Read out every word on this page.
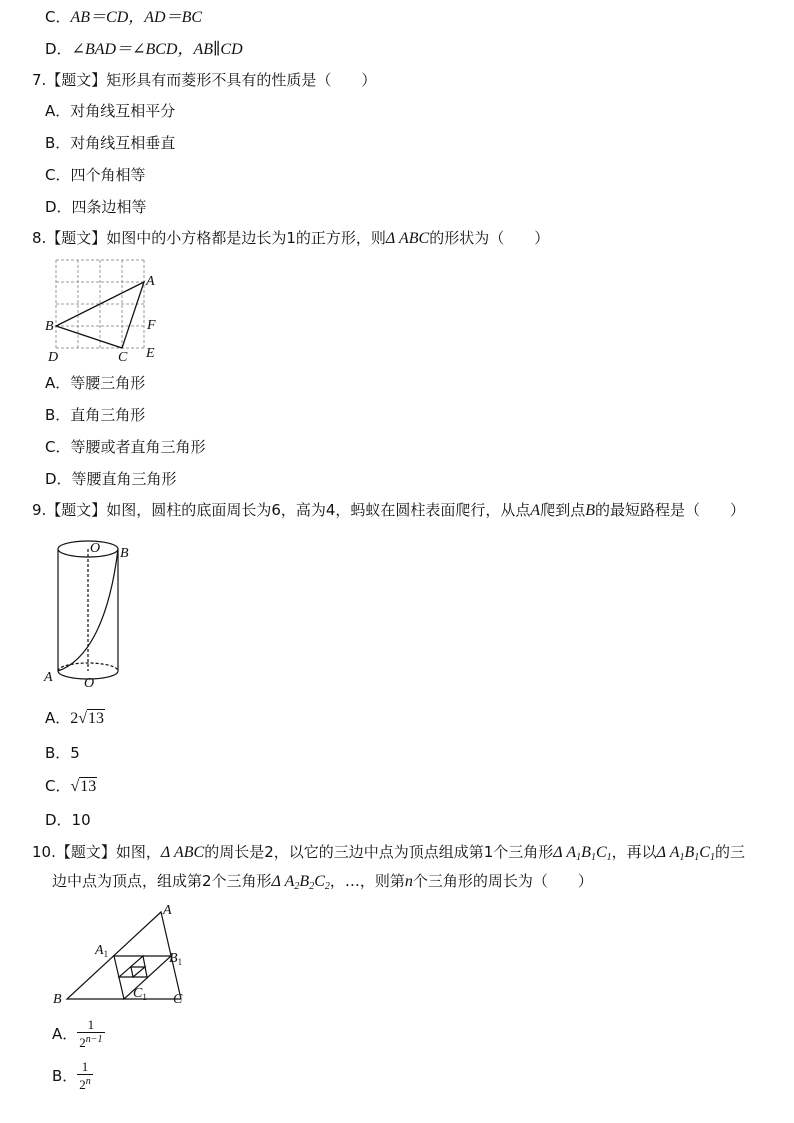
C．AB＝CD，AD＝BC
D．∠BAD＝∠BCD，AB∥CD
7.【题文】矩形具有而菱形不具有的性质是（　　）
A．对角线互相平分
B．对角线互相垂直
C．四个角相等
D．四条边相等
8.【题文】如图中的小方格都是边长为1的正方形，则Δ ABC的形状为（　　）
A
B
C
D	E
F
A．等腰三角形
B．直角三角形
C．等腰或者直角三角形
D．等腰直角三角形
9.【题文】如图，圆柱的底面周长为6，高为4，蚂蚁在圆柱表面爬行，从点A爬到点B的最短路程是（　　）
O B
A O
A．2√13
B．5
C．√13
D．10
10.【题文】如图，Δ ABC的周长是2，以它的三边中点为顶点组成第1个三角形Δ $A_1B_1C_1$，再以Δ $A_1B_1C_1$的三
边中点为顶点，组成第2个三角形Δ $A_2B_2C_2$，…，则第n个三角形的周长为（　　）
A
$A_1$	$B_1$
B	$C_1$ C
A． $\frac{1}{2^{n-1}}$
B． $\frac{1}{2^n}$
